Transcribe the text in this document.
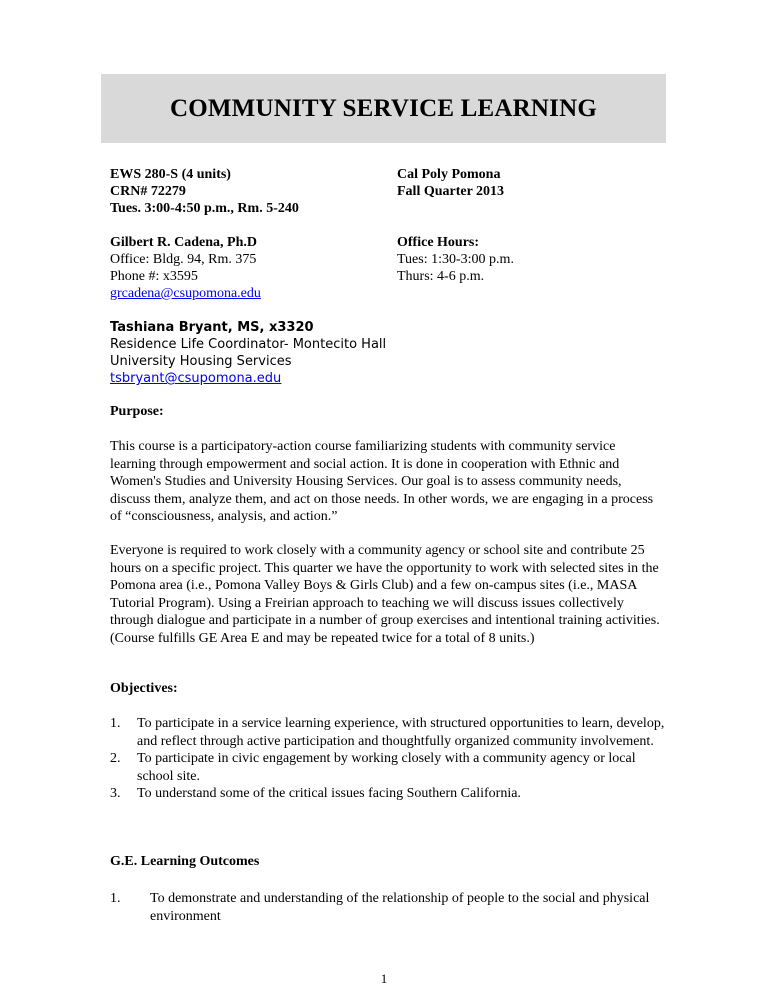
COMMUNITY SERVICE LEARNING
EWS 280-S (4 units)
CRN# 72279
Tues. 3:00-4:50 p.m., Rm. 5-240
Cal Poly Pomona
Fall Quarter 2013
Gilbert R. Cadena, Ph.D
Office: Bldg. 94, Rm. 375
Phone #: x3595
grcadena@csupomona.edu
Office Hours:
Tues: 1:30-3:00 p.m.
Thurs: 4-6 p.m.
Tashiana Bryant, MS, x3320
Residence Life Coordinator- Montecito Hall
University Housing Services
tsbryant@csupomona.edu
Purpose:

This course is a participatory-action course familiarizing students with community service learning through empowerment and social action. It is done in cooperation with Ethnic and Women's Studies and University Housing Services. Our goal is to assess community needs, discuss them, analyze them, and act on those needs. In other words, we are engaging in a process of “consciousness, analysis, and action.”

Everyone is required to work closely with a community agency or school site and contribute 25 hours on a specific project. This quarter we have the opportunity to work with selected sites in the Pomona area (i.e., Pomona Valley Boys & Girls Club) and a few on-campus sites (i.e., MASA Tutorial Program). Using a Freirian approach to teaching we will discuss issues collectively through dialogue and participate in a number of group exercises and intentional training activities. (Course fulfills GE Area E and may be repeated twice for a total of 8 units.)

Objectives:
1. To participate in a service learning experience, with structured opportunities to learn, develop, and reflect through active participation and thoughtfully organized community involvement.
2. To participate in civic engagement by working closely with a community agency or local school site.
3. To understand some of the critical issues facing Southern California.
G.E. Learning Outcomes
1. To demonstrate and understanding of the relationship of people to the social and physical environment
1
